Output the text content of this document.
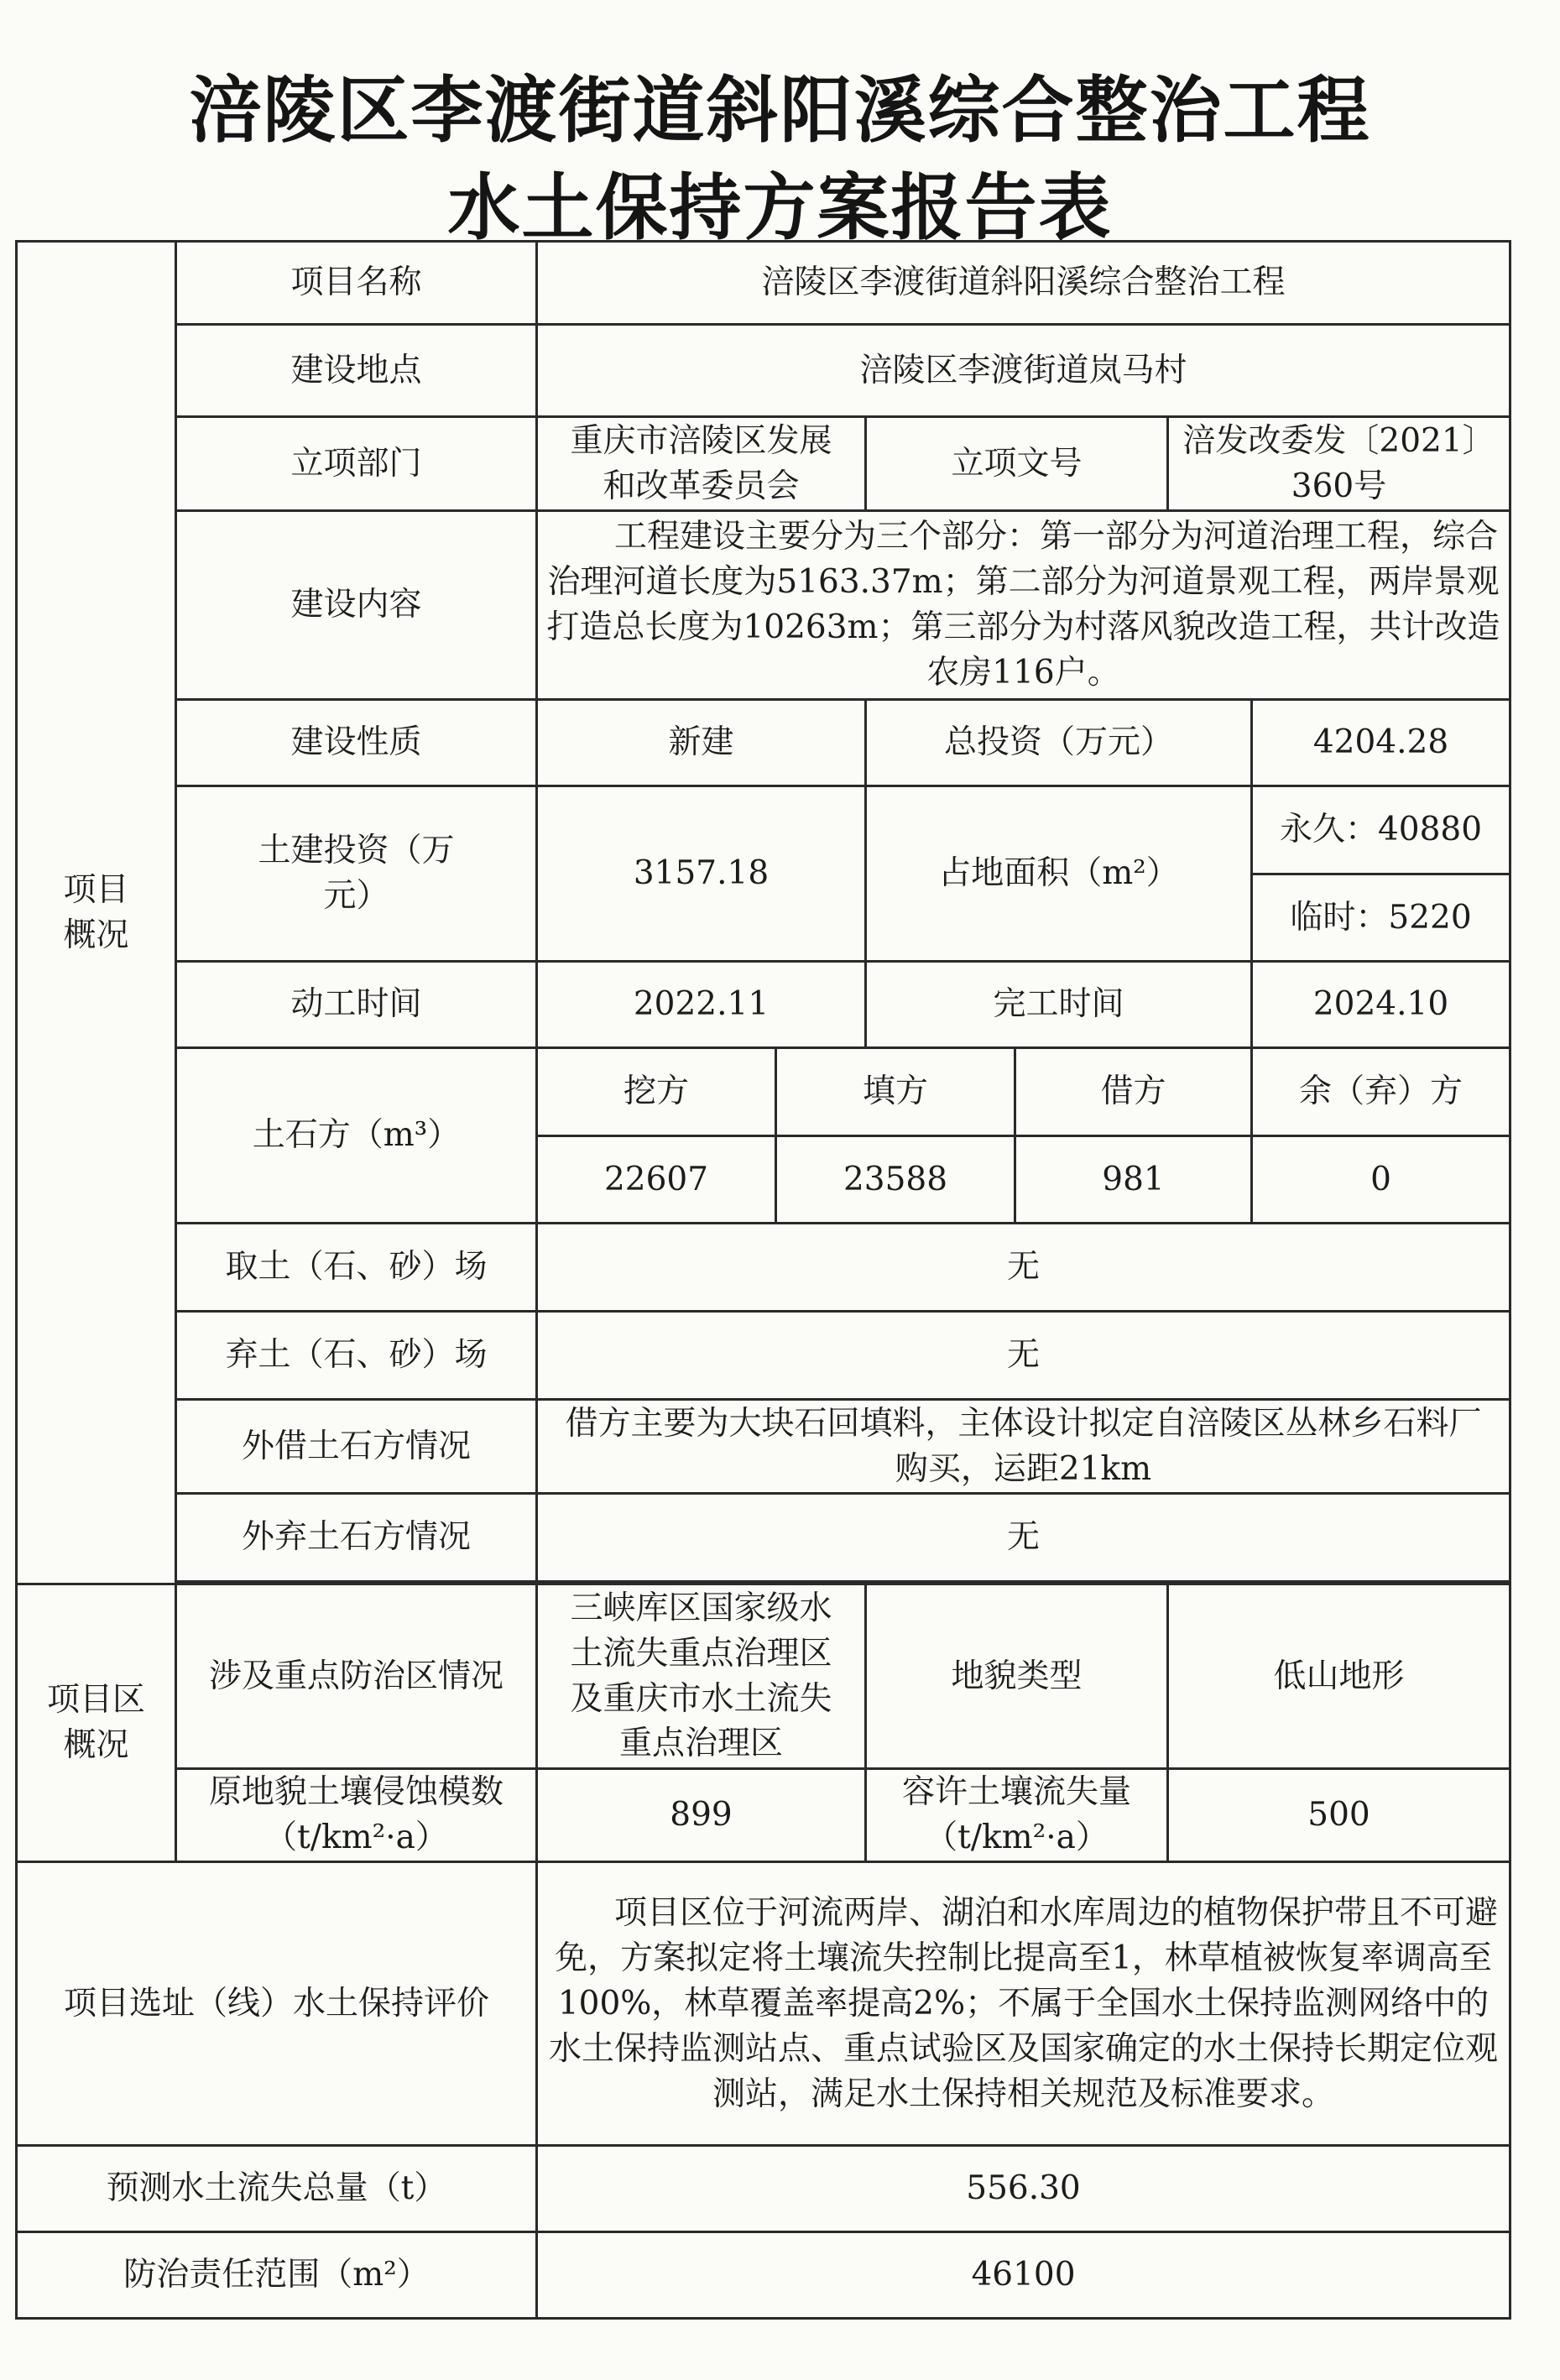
涪陵区李渡街道斜阳溪综合整治工程
水土保持方案报告表
项目概况	项目名称	涪陵区李渡街道斜阳溪综合整治工程					
	建设地点	涪陵区李渡街道岚马村					
	立项部门	重庆市涪陵区发展和改革委员会		立项文号		涪发改委发〔2021〕360号	
	建设内容	工程建设主要分为三个部分：第一部分为河道治理工程，综合治理河道长度为5163.37m；第二部分为河道景观工程，两岸景观打造总长度为10263m；第三部分为村落风貌改造工程，共计改造农房116户。					
	建设性质	新建		总投资（万元）			4204.28
	土建投资（万元）	3157.18		占地面积（m²）			永久：40880
							临时：5220
	动工时间	2022.11		完工时间			2024.10
	土石方（m³）	挖方	填方		借方		余（弃）方
		22607	23588		981		0
	取土（石、砂）场	无					
	弃土（石、砂）场	无					
	外借土石方情况	借方主要为大块石回填料，主体设计拟定自涪陵区丛林乡石料厂购买，运距21km					
	外弃土石方情况	无					

项目区概况	涉及重点防治区情况	三峡库区国家级水土流失重点治理区及重庆市水土流失重点治理区		地貌类型		低山地形	
	原地貌土壤侵蚀模数（t/km²·a）	899		容许土壤流失量（t/km²·a）		500	
项目选址（线）水土保持评价		项目区位于河流两岸、湖泊和水库周边的植物保护带且不可避免，方案拟定将土壤流失控制比提高至1，林草植被恢复率调高至100%，林草覆盖率提高2%；不属于全国水土保持监测网络中的水土保持监测站点、重点试验区及国家确定的水土保持长期定位观测站，满足水土保持相关规范及标准要求。					
预测水土流失总量（t）		556.30					
防治责任范围（m²）		46100					
